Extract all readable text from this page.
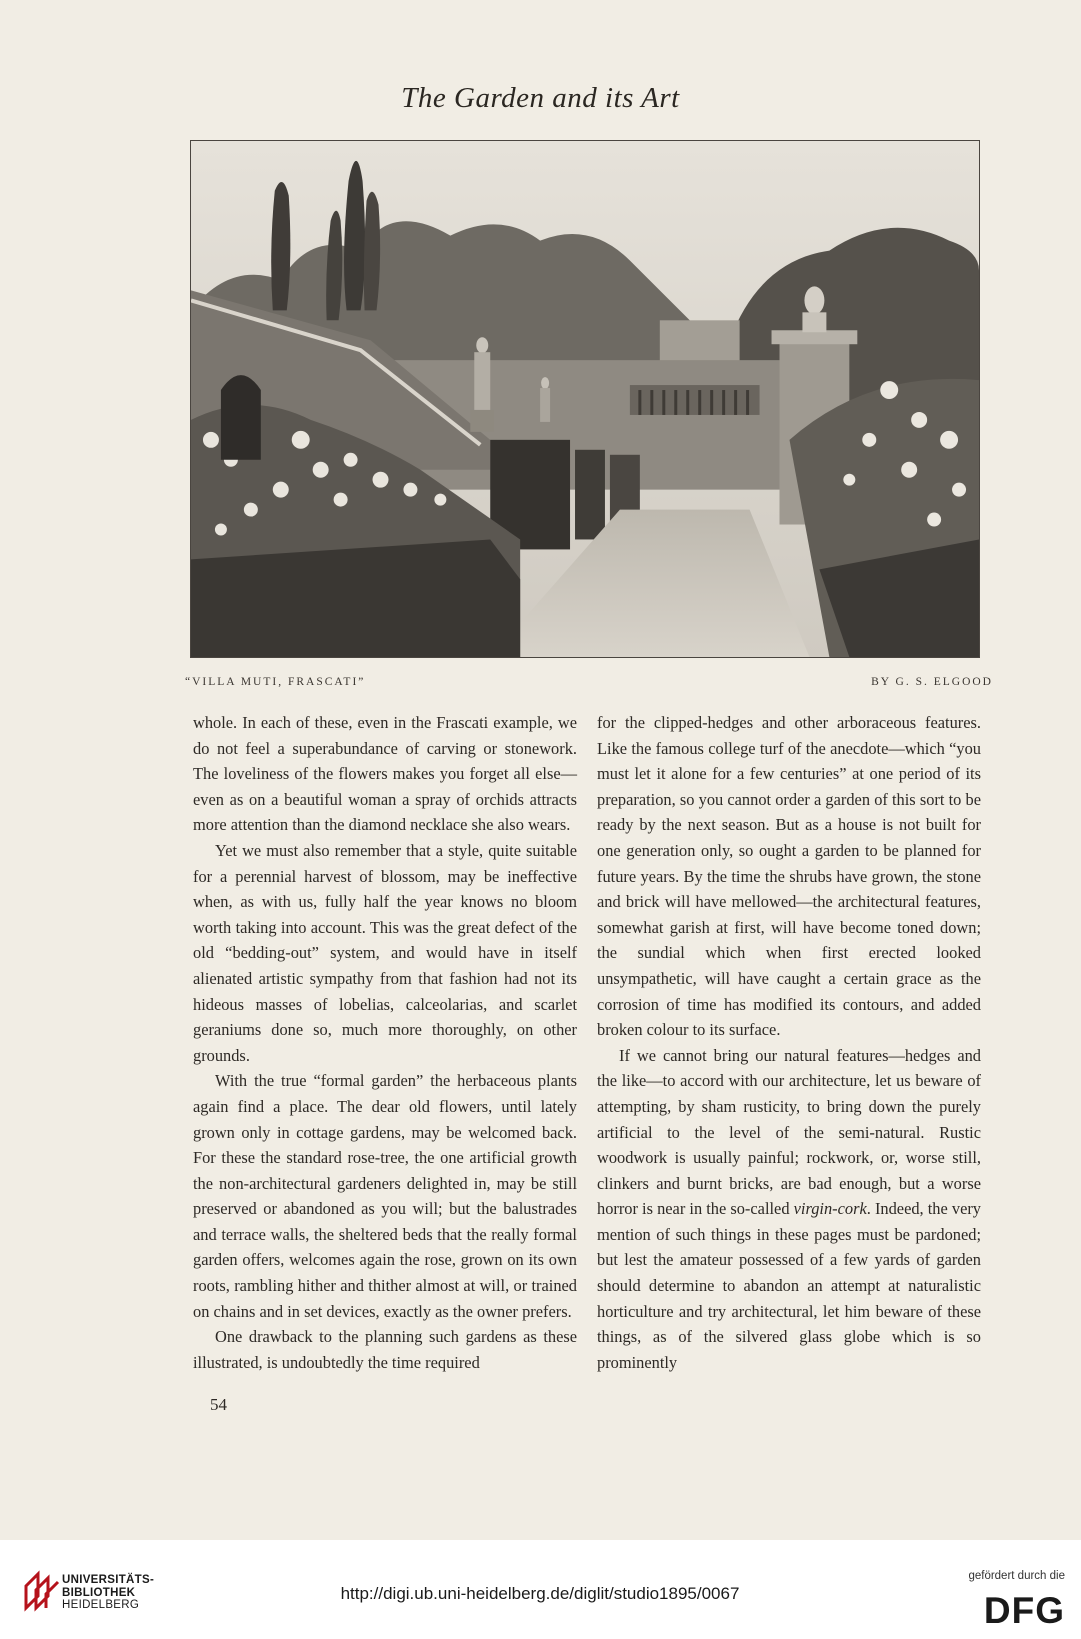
The Garden and its Art
“VILLA MUTI, FRASCATI”	BY G. S. ELGOOD

whole. In each of these, even in the Frascati example, we do not feel a superabundance of carving or stonework. The loveliness of the flowers makes you forget all else—even as on a beautiful woman a spray of orchids attracts more attention than the diamond necklace she also wears.

Yet we must also remember that a style, quite suitable for a perennial harvest of blossom, may be ineffective when, as with us, fully half the year knows no bloom worth taking into account. This was the great defect of the old “bedding-out” system, and would have in itself alienated artistic sympathy from that fashion had not its hideous masses of lobelias, calceolarias, and scarlet geraniums done so, much more thoroughly, on other grounds.

With the true “formal garden” the herbaceous plants again find a place. The dear old flowers, until lately grown only in cottage gardens, may be welcomed back. For these the standard rose-tree, the one artificial growth the non-architectural gardeners delighted in, may be still preserved or abandoned as you will; but the balustrades and terrace walls, the sheltered beds that the really formal garden offers, welcomes again the rose, grown on its own roots, rambling hither and thither almost at will, or trained on chains and in set devices, exactly as the owner prefers.

One drawback to the planning such gardens as these illustrated, is undoubtedly the time required

for the clipped-hedges and other arboraceous features. Like the famous college turf of the anecdote—which “you must let it alone for a few centuries” at one period of its preparation, so you cannot order a garden of this sort to be ready by the next season. But as a house is not built for one generation only, so ought a garden to be planned for future years. By the time the shrubs have grown, the stone and brick will have mellowed—the architectural features, somewhat garish at first, will have become toned down; the sundial which when first erected looked unsympathetic, will have caught a certain grace as the corrosion of time has modified its contours, and added broken colour to its surface.

If we cannot bring our natural features—hedges and the like—to accord with our architecture, let us beware of attempting, by sham rusticity, to bring down the purely artificial to the level of the semi-natural. Rustic woodwork is usually painful; rockwork, or, worse still, clinkers and burnt bricks, are bad enough, but a worse horror is near in the so-called virgin-cork. Indeed, the very mention of such things in these pages must be pardoned; but lest the amateur possessed of a few yards of garden should determine to abandon an attempt at naturalistic horticulture and try architectural, let him beware of these things, as of the silvered glass globe which is so prominently

54
UNIVERSITÄTS-
BIBLIOTHEK
HEIDELBERG
http://digi.ub.uni-heidelberg.de/diglit/studio1895/0067
gefördert durch die
DFG
